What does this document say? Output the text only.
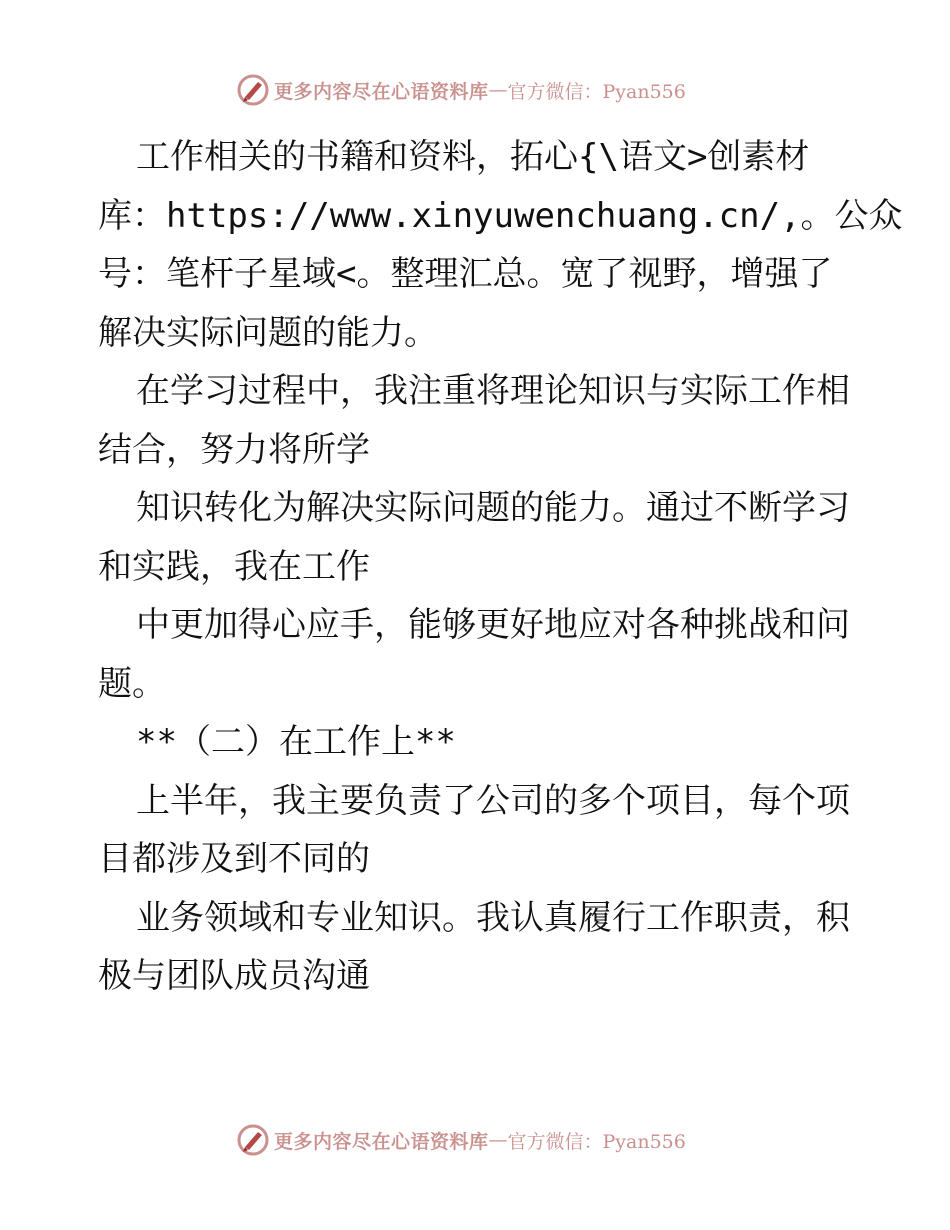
更多内容尽在心语资料库 — 官方微信：Pyan556
工作相关的书籍和资料，拓心{\语文>创素材
库：https://www.xinyuwenchuang.cn/,。公众
号：笔杆子星域<。整理汇总。宽了视野，增强了
解决实际问题的能力。
在学习过程中，我注重将理论知识与实际工作相
结合，努力将所学
知识转化为解决实际问题的能力。通过不断学习
和实践，我在工作
中更加得心应手，能够更好地应对各种挑战和问
题。
**（二）在工作上**
上半年，我主要负责了公司的多个项目，每个项
目都涉及到不同的
业务领域和专业知识。我认真履行工作职责，积
极与团队成员沟通
更多内容尽在心语资料库 — 官方微信：Pyan556
